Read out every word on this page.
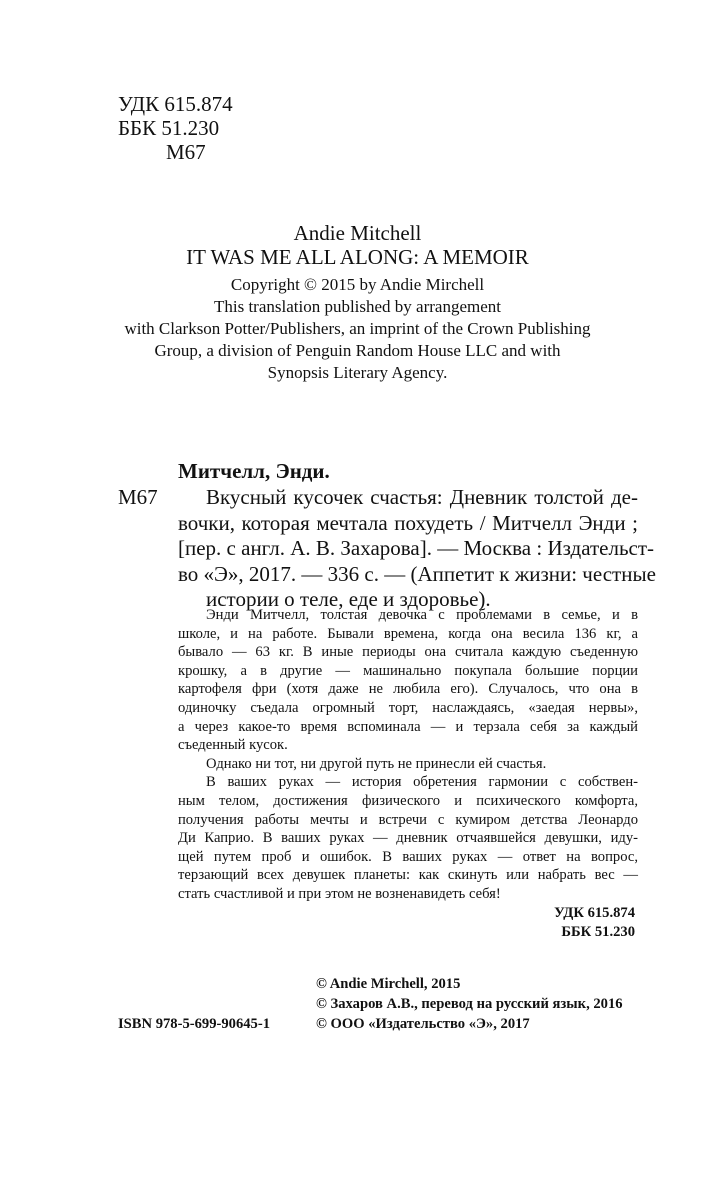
УДК 615.874
ББК 51.230
М67
Andie Mitchell
IT WAS ME ALL ALONG: A MEMOIR
Copyright © 2015 by Andie Mirchell
This translation published by arrangement
with Clarkson Potter/Publishers, an imprint of the Crown Publishing
Group, a division of Penguin Random House LLC and with
Synopsis Literary Agency.
Митчелл, Энди.
М67	Вкусный кусочек счастья: Дневник толстой де-
вочки, которая мечтала похудеть / Митчелл Энди ;
[пер. с англ. А. В. Захарова]. — Москва : Издательст-
во «Э», 2017. — 336 с. — (Аппетит к жизни: честные
истории о теле, еде и здоровье).
Энди Митчелл, толстая девочка с проблемами в семье, и в
школе, и на работе. Бывали времена, когда она весила 136 кг, а
бывало — 63 кг. В иные периоды она считала каждую съеденную
крошку, а в другие — машинально покупала большие порции
картофеля фри (хотя даже не любила его). Случалось, что она в
одиночку съедала огромный торт, наслаждаясь, «заедая нервы»,
а через какое-то время вспоминала — и терзала себя за каждый
съеденный кусок.
Однако ни тот, ни другой путь не принесли ей счастья.
В ваших руках — история обретения гармонии с собствен-
ным телом, достижения физического и психического комфорта,
получения работы мечты и встречи с кумиром детства Леонардо
Ди Каприо. В ваших руках — дневник отчаявшейся девушки, иду-
щей путем проб и ошибок. В ваших руках — ответ на вопрос,
терзающий всех девушек планеты: как скинуть или набрать вес —
стать счастливой и при этом не возненавидеть себя!
УДК 615.874
ББК 51.230
© Andie Mirchell, 2015
© Захаров А.В., перевод на русский язык, 2016
© ООО «Издательство «Э», 2017
ISBN 978-5-699-90645-1
